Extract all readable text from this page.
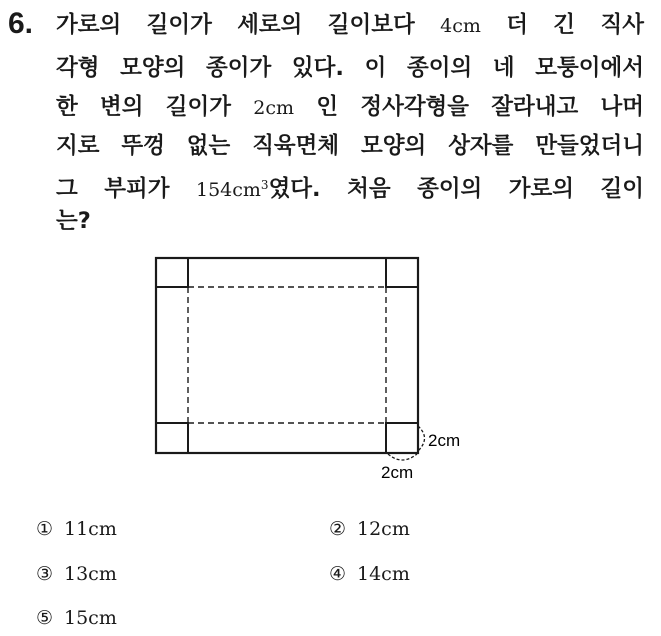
6. 가로의 길이가 세로의 길이보다 4cm 더 긴 직사
각형 모양의 종이가 있다. 이 종이의 네 모퉁이에서
한 변의 길이가 2cm 인 정사각형을 잘라내고 나머
지로 뚜껑 없는 직육면체 모양의 상자를 만들었더니
그 부피가 $154cm^3$였다. 처음 종이의 가로의 길이
는?
2cm
2cm
① 11cm	② 12cm
③ 13cm	④ 14cm
⑤ 15cm
